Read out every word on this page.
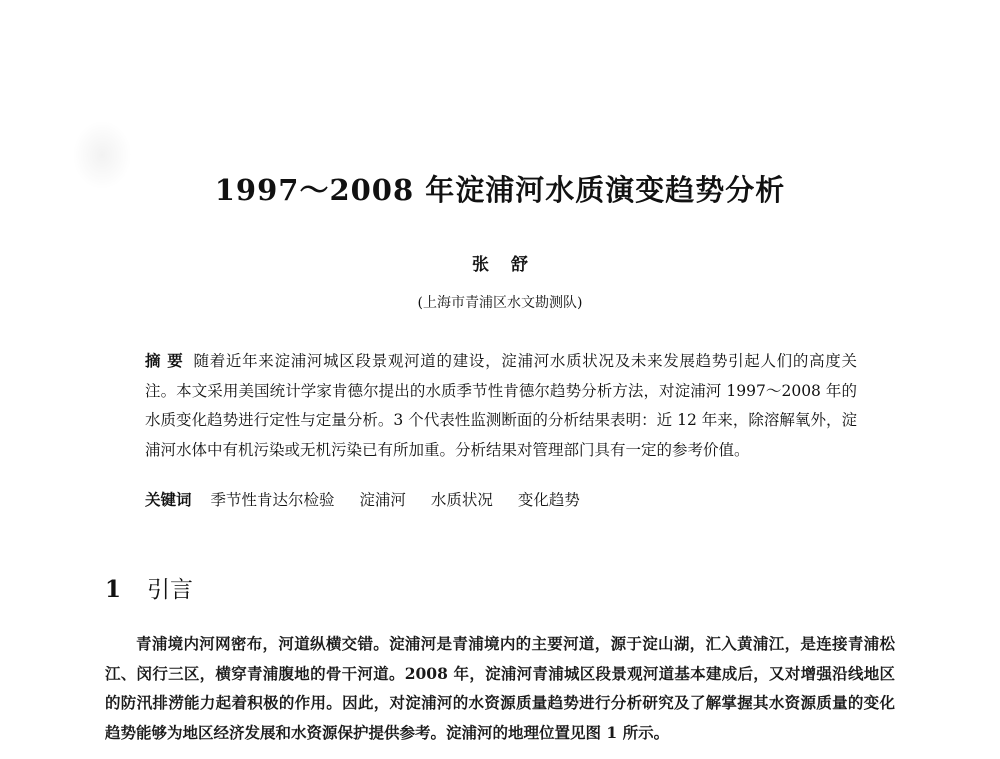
1997～2008 年淀浦河水质演变趋势分析
张舒
(上海市青浦区水文勘测队)
摘 要 随着近年来淀浦河城区段景观河道的建设，淀浦河水质状况及未来发展趋势引起人们的高度关注。本文采用美国统计学家肯德尔提出的水质季节性肯德尔趋势分析方法，对淀浦河 1997～2008 年的水质变化趋势进行定性与定量分析。3 个代表性监测断面的分析结果表明：近 12 年来，除溶解氧外，淀浦河水体中有机污染或无机污染已有所加重。分析结果对管理部门具有一定的参考价值。
关键词 季节性肯达尔检验 淀浦河 水质状况 变化趋势
1 引言
青浦境内河网密布，河道纵横交错。淀浦河是青浦境内的主要河道，源于淀山湖，汇入黄浦江，是连接青浦松江、闵行三区，横穿青浦腹地的骨干河道。2008 年，淀浦河青浦城区段景观河道基本建成后，又对增强沿线地区的防汛排涝能力起着积极的作用。因此，对淀浦河的水资源质量趋势进行分析研究及了解掌握其水资源质量的变化趋势能够为地区经济发展和水资源保护提供参考。淀浦河的地理位置见图 1 所示。
